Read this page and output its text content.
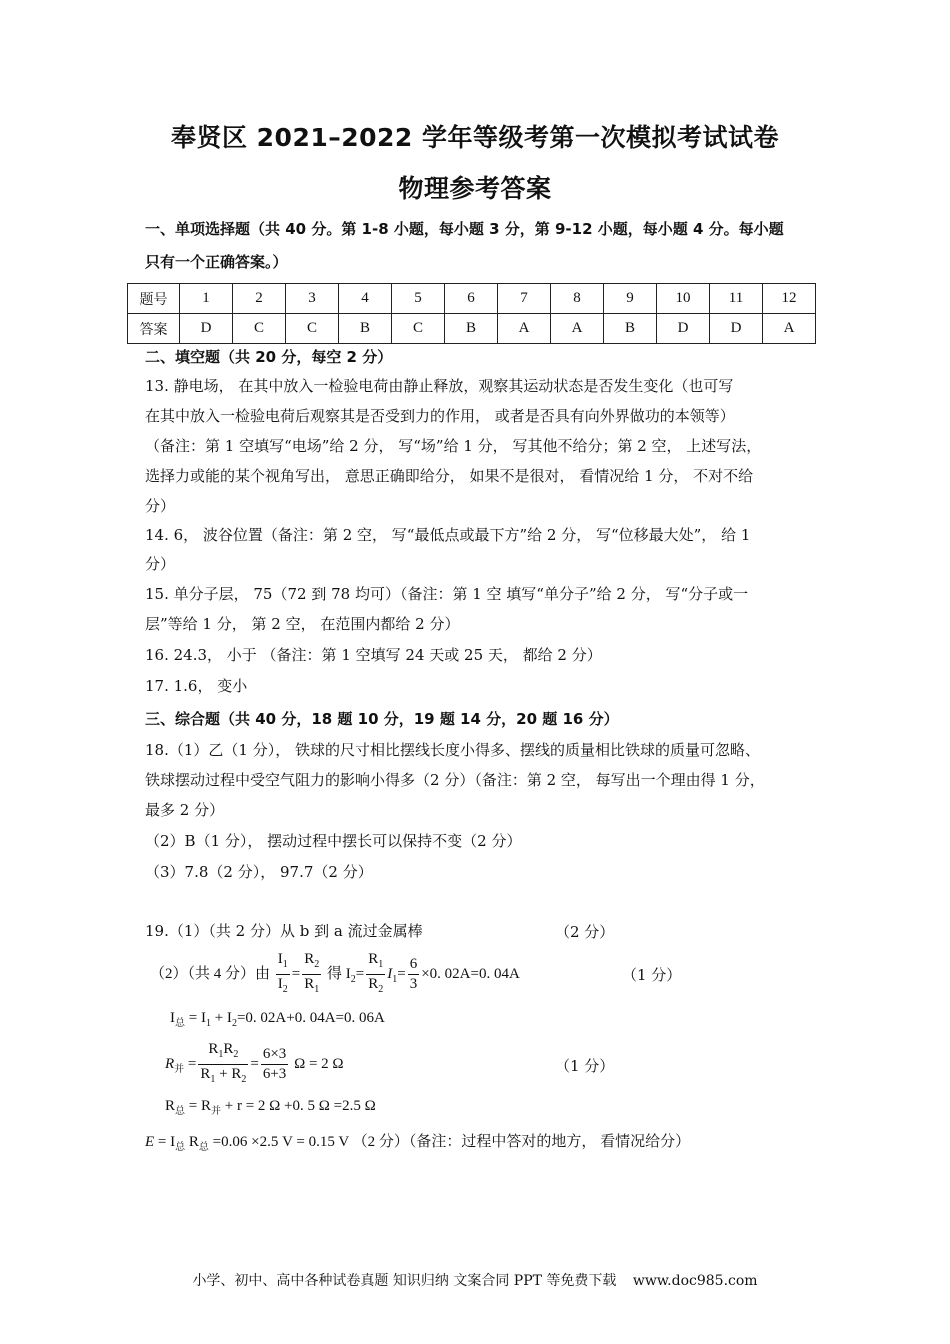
奉贤区 2021–2022 学年等级考第一次模拟考试试卷
物理参考答案
一、单项选择题（共 40 分。第 1-8 小题，每小题 3 分，第 9-12 小题，每小题 4 分。每小题
只有一个正确答案。）
题号	1	2	3	4	5	6	7	8	9	10	11	12
答案	D	C	C	B	C	B	A	A	B	D	D	A
二、填空题（共 20 分，每空 2 分）
13. 静电场， 在其中放入一检验电荷由静止释放，观察其运动状态是否发生变化（也可写
在其中放入一检验电荷后观察其是否受到力的作用， 或者是否具有向外界做功的本领等）
（备注：第 1 空填写“电场”给 2 分， 写“场”给 1 分， 写其他不给分；第 2 空， 上述写法，
选择力或能的某个视角写出， 意思正确即给分， 如果不是很对， 看情况给 1 分， 不对不给
分）
14. 6， 波谷位置（备注：第 2 空， 写“最低点或最下方”给 2 分， 写“位移最大处”， 给 1
分）
15. 单分子层， 75（72 到 78 均可）（备注：第 1 空 填写“单分子”给 2 分， 写“分子或一
层”等给 1 分， 第 2 空， 在范围内都给 2 分）
16. 24.3， 小于 （备注：第 1 空填写 24 天或 25 天， 都给 2 分）
17. 1.6， 变小
三、综合题（共 40 分，18 题 10 分，19 题 14 分，20 题 16 分）
18.（1）乙（1 分）， 铁球的尺寸相比摆线长度小得多、摆线的质量相比铁球的质量可忽略、
铁球摆动过程中受空气阻力的影响小得多（2 分）（备注：第 2 空， 每写出一个理由得 1 分，
最多 2 分）
（2）B（1 分）， 摆动过程中摆长可以保持不变（2 分）
（3）7.8（2 分）， 97.7（2 分）
19.（1）（共 2 分）从 b 到 a 流过金属棒	（2 分）
（2）（共 4 分）由 $\frac{I_1}{I_2} = \frac{R_2}{R_1}$ 得 $I_2= \frac{R_1}{R_2} I_1= \frac{6}{3} \times 0$. 02A=0. 04A	（1 分）
$I_总 = I_1 + I_2=0$. 02A+0. 04A=0. 06A
$R_并 = \frac{R_1R_2}{R_1 + R_2} = \frac{6\times 3}{6+3}$ Ω = 2 Ω	（1 分）
$R_总 = R_并 + r = 2$ Ω +0. 5 Ω =2.5 Ω
$E = I_总$ $R_总 =0.06 \times 2.5$ V = 0.15 V （2 分）（备注：过程中答对的地方， 看情况给分）
小学、初中、高中各种试卷真题 知识归纳 文案合同 PPT 等免费下载 www.doc985.com
